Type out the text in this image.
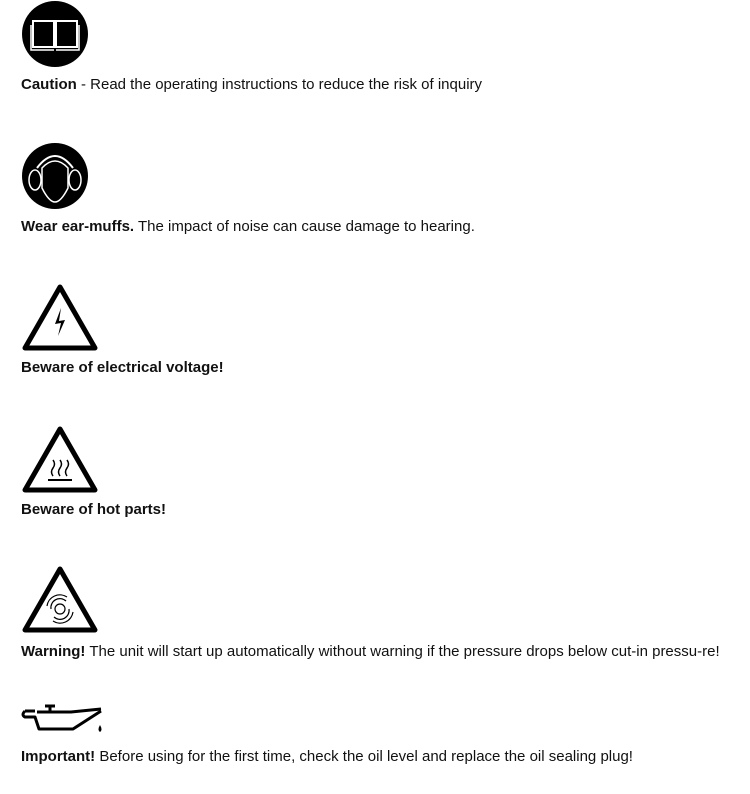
Caution - Read the operating instructions to reduce the risk of inquiry
Wear ear-muffs. The impact of noise can cause damage to hearing.
Beware of electrical voltage!
Beware of hot parts!
Warning! The unit will start up automatically without warning if the pressure drops below cut-in pressu-re!
Important! Before using for the first time, check the oil level and replace the oil sealing plug!
